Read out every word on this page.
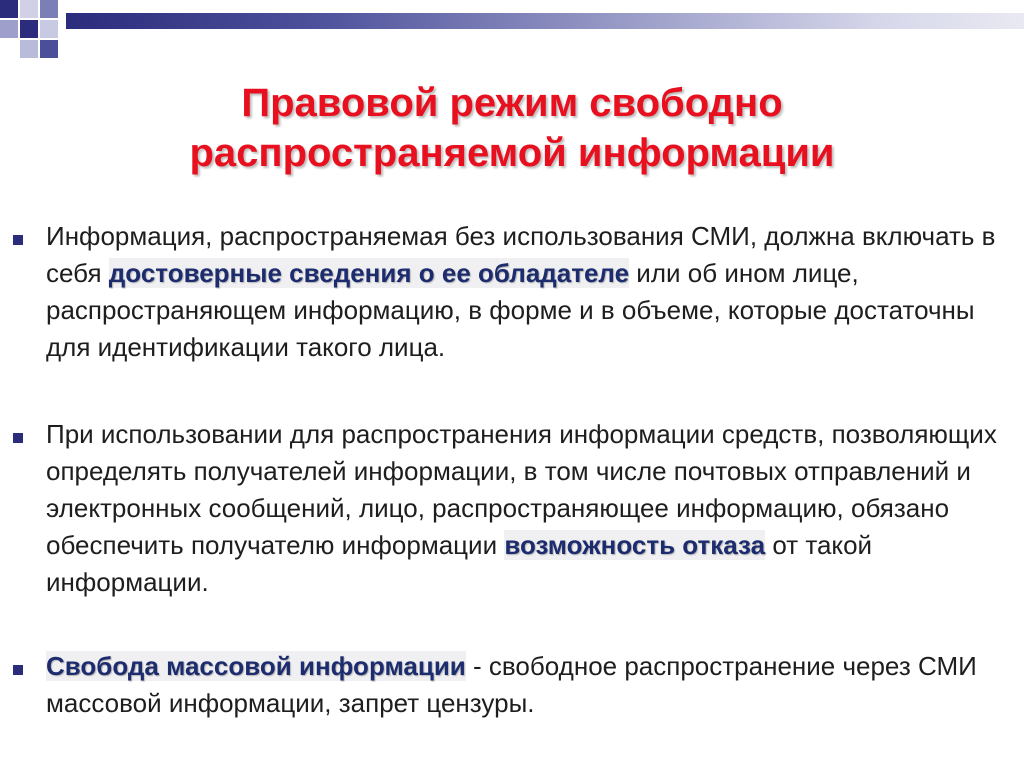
Правовой режим свободно
распространяемой информации
Информация, распространяемая без использования СМИ, должна включать в себя достоверные сведения о ее обладателе или об ином лице, распространяющем информацию, в форме и в объеме, которые достаточны для идентификации такого лица.
При использовании для распространения информации средств, позволяющих определять получателей информации, в том числе почтовых отправлений и электронных сообщений, лицо, распространяющее информацию, обязано обеспечить получателю информации возможность отказа от такой информации.
Свобода массовой информации - свободное распространение через СМИ массовой информации, запрет цензуры.
